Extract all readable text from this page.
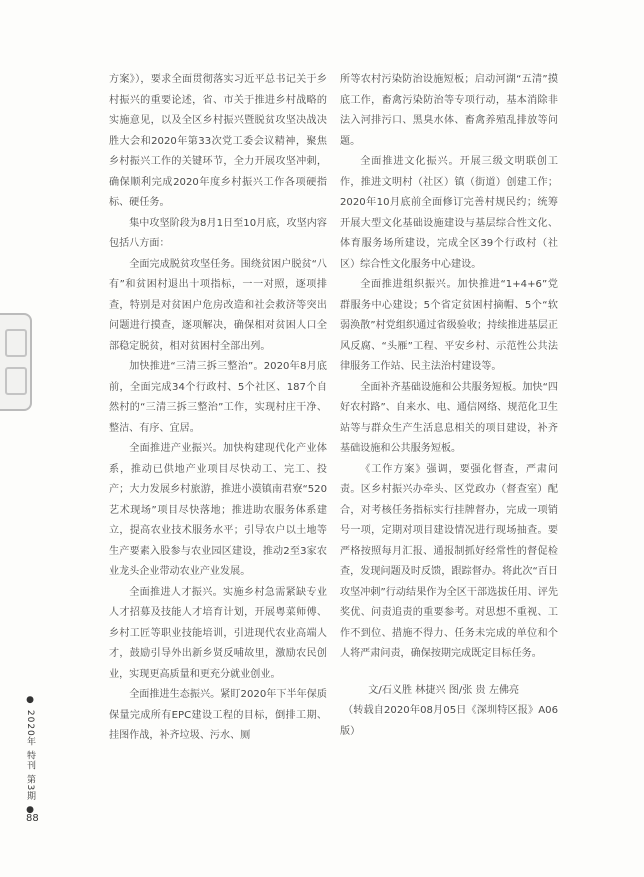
方案》），要求全面贯彻落实习近平总书记关于乡村振兴的重要论述，省、市关于推进乡村战略的实施意见，以及全区乡村振兴暨脱贫攻坚决战决胜大会和2020年第33次党工委会议精神，聚焦乡村振兴工作的关键环节，全力开展攻坚冲刺，确保顺利完成2020年度乡村振兴工作各项硬指标、硬任务。

集中攻坚阶段为8月1日至10月底，攻坚内容包括八方面：

全面完成脱贫攻坚任务。围绕贫困户脱贫“八有”和贫困村退出十项指标，一一对照，逐项排查，特别是对贫困户危房改造和社会救济等突出问题进行摸查，逐项解决，确保相对贫困人口全部稳定脱贫，相对贫困村全部出列。

加快推进“三清三拆三整治”。2020年8月底前，全面完成34个行政村、5个社区、187个自然村的“三清三拆三整治”工作，实现村庄干净、整洁、有序、宜居。

全面推进产业振兴。加快构建现代化产业体系，推动已供地产业项目尽快动工、完工、投产；大力发展乡村旅游，推进小漠镇南君寮“520艺术现场”项目尽快落地；推进助农服务体系建立，提高农业技术服务水平；引导农户以土地等生产要素入股参与农业园区建设，推动2至3家农业龙头企业带动农业产业发展。

全面推进人才振兴。实施乡村急需紧缺专业人才招募及技能人才培育计划，开展粤菜师傅、乡村工匠等职业技能培训，引进现代农业高端人才，鼓励引导外出新乡贤反哺故里，激励农民创业，实现更高质量和更充分就业创业。

全面推进生态振兴。紧盯2020年下半年保质保量完成所有EPC建设工程的目标，倒排工期、挂图作战，补齐垃圾、污水、厕

所等农村污染防治设施短板；启动河湖“五清”摸底工作，畜禽污染防治等专项行动，基本消除非法入河排污口、黑臭水体、畜禽养殖乱排放等问题。

全面推进文化振兴。开展三级文明联创工作，推进文明村（社区）镇（街道）创建工作；2020年10月底前全面修订完善村规民约；统筹开展大型文化基础设施建设与基层综合性文化、体育服务场所建设，完成全区39个行政村（社区）综合性文化服务中心建设。

全面推进组织振兴。加快推进“1+4+6”党群服务中心建设；5个省定贫困村摘帽、5个“软弱涣散”村党组织通过省级验收；持续推进基层正风反腐、“头雁”工程、平安乡村、示范性公共法律服务工作站、民主法治村建设等。

全面补齐基础设施和公共服务短板。加快“四好农村路”、自来水、电、通信网络、规范化卫生站等与群众生产生活息息相关的项目建设，补齐基础设施和公共服务短板。

《工作方案》强调，要强化督查，严肃问责。区乡村振兴办牵头、区党政办（督查室）配合，对考核任务指标实行挂牌督办，完成一项销号一项，定期对项目建设情况进行现场抽查。要严格按照每月汇报、通报制抓好经常性的督促检查，发现问题及时反馈，跟踪督办。将此次“百日攻坚冲刺”行动结果作为全区干部选拔任用、评先奖优、问责追责的重要参考。对思想不重视、工作不到位、措施不得力、任务未完成的单位和个人将严肃问责，确保按期完成既定目标任务。

文/石义胜 林捷兴 图/张 贵 左佛亮

（转载自2020年08月05日《深圳特区报》A06版）

● 2020年 特刊 第3期 ●
88
